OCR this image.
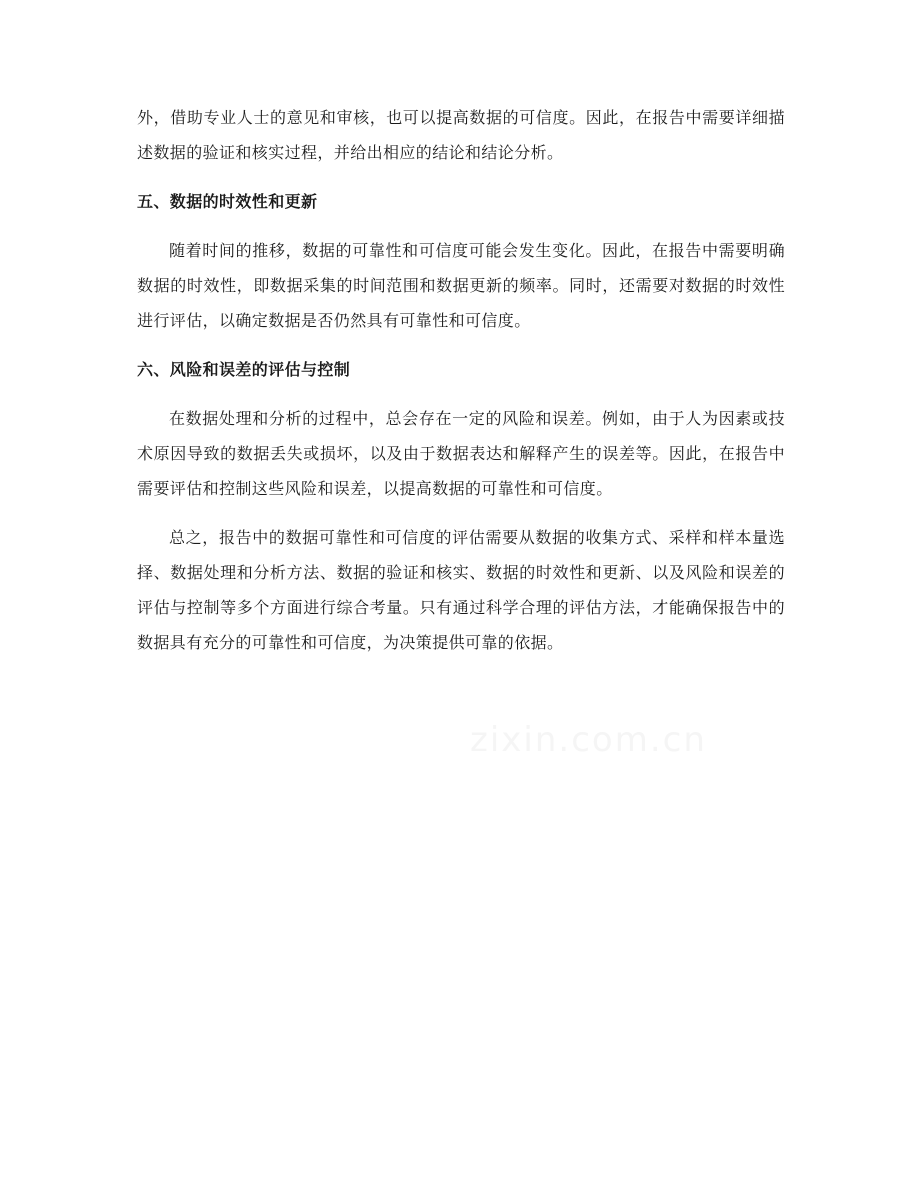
外，借助专业人士的意见和审核，也可以提高数据的可信度。因此，在报告中需要详细描述数据的验证和核实过程，并给出相应的结论和结论分析。

五、数据的时效性和更新

随着时间的推移，数据的可靠性和可信度可能会发生变化。因此，在报告中需要明确数据的时效性，即数据采集的时间范围和数据更新的频率。同时，还需要对数据的时效性进行评估，以确定数据是否仍然具有可靠性和可信度。

六、风险和误差的评估与控制

在数据处理和分析的过程中，总会存在一定的风险和误差。例如，由于人为因素或技术原因导致的数据丢失或损坏，以及由于数据表达和解释产生的误差等。因此，在报告中需要评估和控制这些风险和误差，以提高数据的可靠性和可信度。

总之，报告中的数据可靠性和可信度的评估需要从数据的收集方式、采样和样本量选择、数据处理和分析方法、数据的验证和核实、数据的时效性和更新、以及风险和误差的评估与控制等多个方面进行综合考量。只有通过科学合理的评估方法，才能确保报告中的数据具有充分的可靠性和可信度，为决策提供可靠的依据。

zixin.com.cn
